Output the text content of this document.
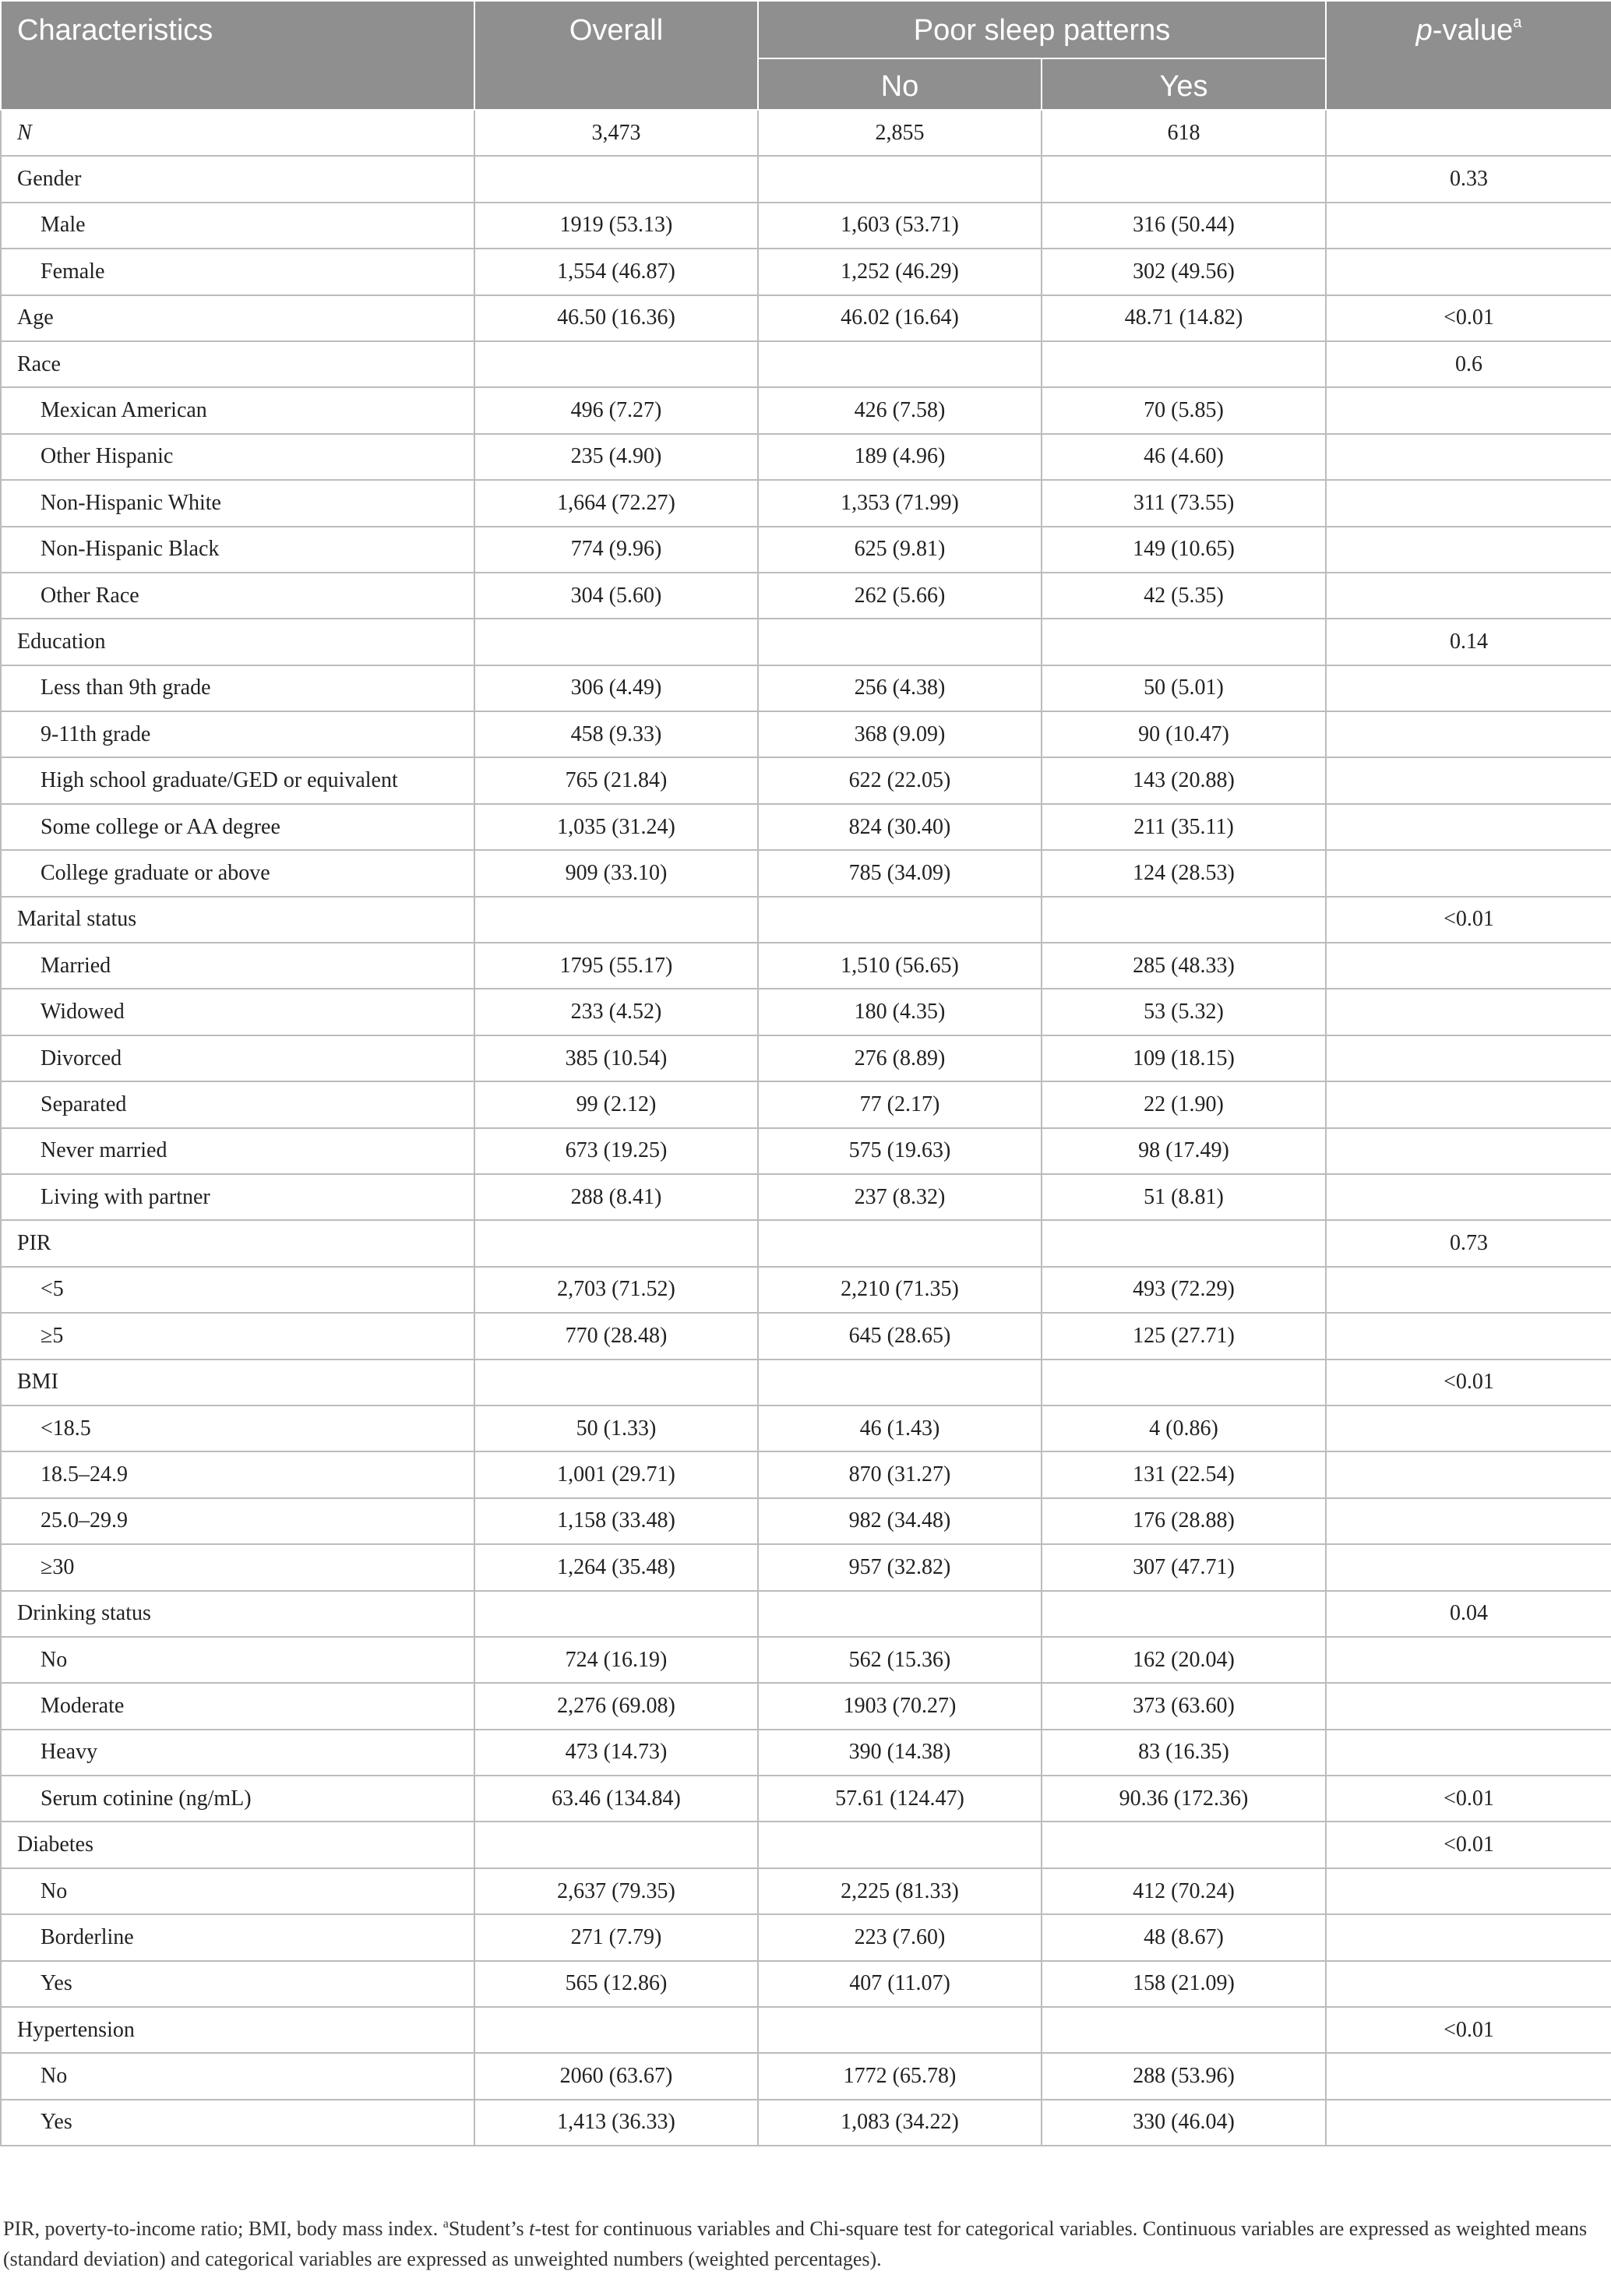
Characteristics	Overall	Poor sleep patterns		p-value$^a$
		No	Yes	
N	3,473	2,855	618	
Gender				0.33
Male	1919 (53.13)	1,603 (53.71)	316 (50.44)	
Female	1,554 (46.87)	1,252 (46.29)	302 (49.56)	
Age	46.50 (16.36)	46.02 (16.64)	48.71 (14.82)	<0.01
Race				0.6
Mexican American	496 (7.27)	426 (7.58)	70 (5.85)	
Other Hispanic	235 (4.90)	189 (4.96)	46 (4.60)	
Non-Hispanic White	1,664 (72.27)	1,353 (71.99)	311 (73.55)	
Non-Hispanic Black	774 (9.96)	625 (9.81)	149 (10.65)	
Other Race	304 (5.60)	262 (5.66)	42 (5.35)	
Education				0.14
Less than 9th grade	306 (4.49)	256 (4.38)	50 (5.01)	
9-11th grade	458 (9.33)	368 (9.09)	90 (10.47)	
High school graduate/GED or equivalent	765 (21.84)	622 (22.05)	143 (20.88)	
Some college or AA degree	1,035 (31.24)	824 (30.40)	211 (35.11)	
College graduate or above	909 (33.10)	785 (34.09)	124 (28.53)	
Marital status				<0.01
Married	1795 (55.17)	1,510 (56.65)	285 (48.33)	
Widowed	233 (4.52)	180 (4.35)	53 (5.32)	
Divorced	385 (10.54)	276 (8.89)	109 (18.15)	
Separated	99 (2.12)	77 (2.17)	22 (1.90)	
Never married	673 (19.25)	575 (19.63)	98 (17.49)	
Living with partner	288 (8.41)	237 (8.32)	51 (8.81)	
PIR				0.73
<5	2,703 (71.52)	2,210 (71.35)	493 (72.29)	
≥5	770 (28.48)	645 (28.65)	125 (27.71)	
BMI				<0.01
<18.5	50 (1.33)	46 (1.43)	4 (0.86)	
18.5–24.9	1,001 (29.71)	870 (31.27)	131 (22.54)	
25.0–29.9	1,158 (33.48)	982 (34.48)	176 (28.88)	
≥30	1,264 (35.48)	957 (32.82)	307 (47.71)	
Drinking status				0.04
No	724 (16.19)	562 (15.36)	162 (20.04)	
Moderate	2,276 (69.08)	1903 (70.27)	373 (63.60)	
Heavy	473 (14.73)	390 (14.38)	83 (16.35)	
Serum cotinine (ng/mL)	63.46 (134.84)	57.61 (124.47)	90.36 (172.36)	<0.01
Diabetes				<0.01
No	2,637 (79.35)	2,225 (81.33)	412 (70.24)	
Borderline	271 (7.79)	223 (7.60)	48 (8.67)	
Yes	565 (12.86)	407 (11.07)	158 (21.09)	
Hypertension				<0.01
No	2060 (63.67)	1772 (65.78)	288 (53.96)	
Yes	1,413 (36.33)	1,083 (34.22)	330 (46.04)	
PIR, poverty-to-income ratio; BMI, body mass index. $^a$Student’s t-test for continuous variables and Chi-square test for categorical variables. Continuous variables are expressed as weighted means (standard deviation) and categorical variables are expressed as unweighted numbers (weighted percentages).
